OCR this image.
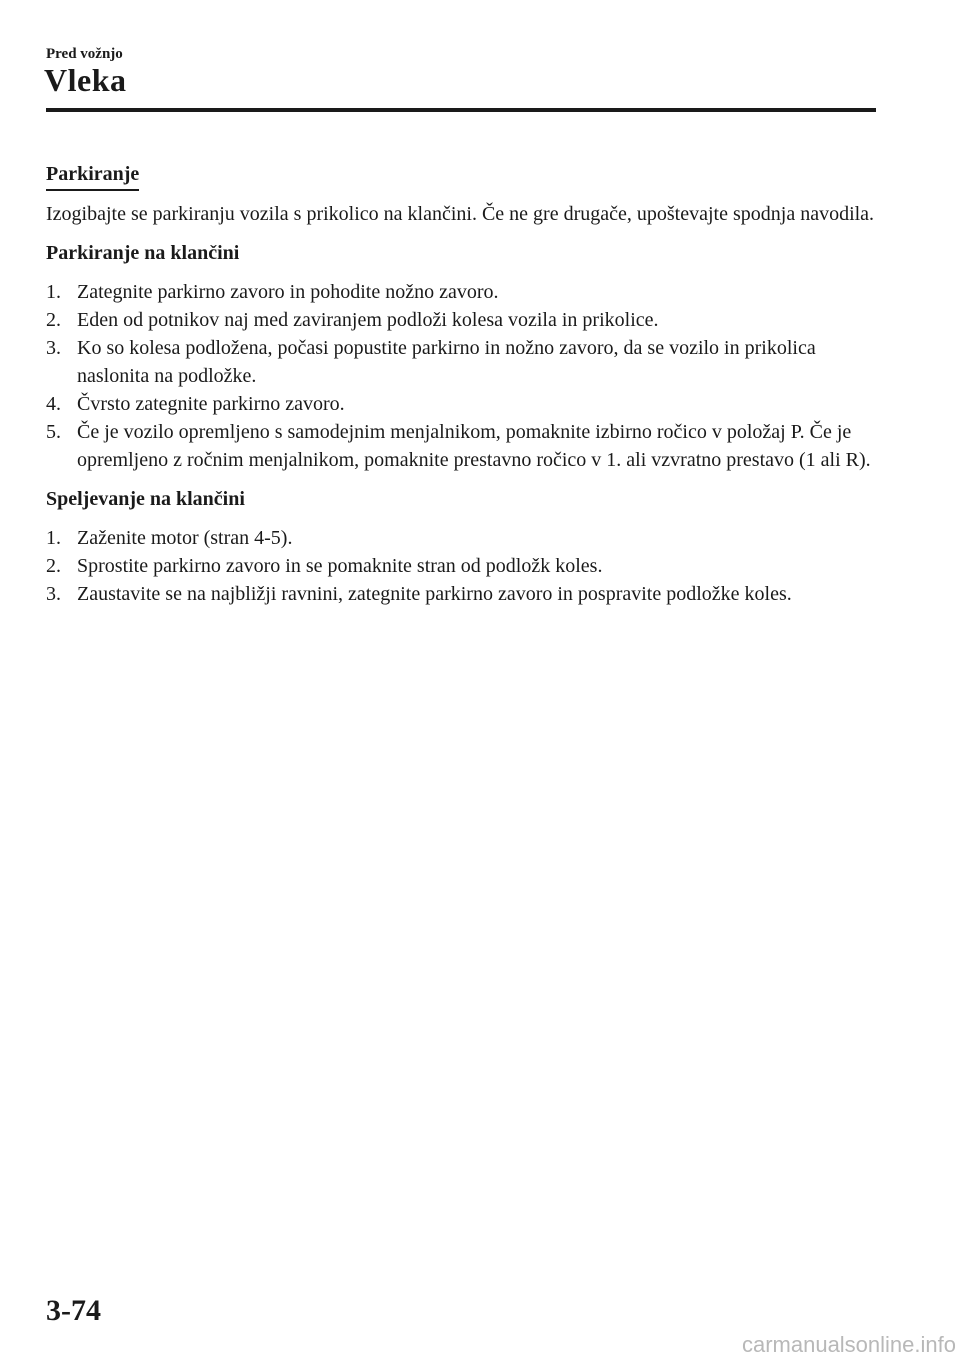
Pred vožnjo
Vleka
Parkiranje

Izogibajte se parkiranju vozila s prikolico na klančini. Če ne gre drugače, upoštevajte spodnja navodila.

Parkiranje na klančini

1. Zategnite parkirno zavoro in pohodite nožno zavoro.
2. Eden od potnikov naj med zaviranjem podloži kolesa vozila in prikolice.
3. Ko so kolesa podložena, počasi popustite parkirno in nožno zavoro, da se vozilo in prikolica naslonita na podložke.
4. Čvrsto zategnite parkirno zavoro.
5. Če je vozilo opremljeno s samodejnim menjalnikom, pomaknite izbirno ročico v položaj P. Če je opremljeno z ročnim menjalnikom, pomaknite prestavno ročico v 1. ali vzvratno prestavo (1 ali R).

Speljevanje na klančini

1. Zaženite motor (stran 4-5).
2. Sprostite parkirno zavoro in se pomaknite stran od podložk koles.
3. Zaustavite se na najbližji ravnini, zategnite parkirno zavoro in pospravite podložke koles.
3-74
carmanualsonline.info
